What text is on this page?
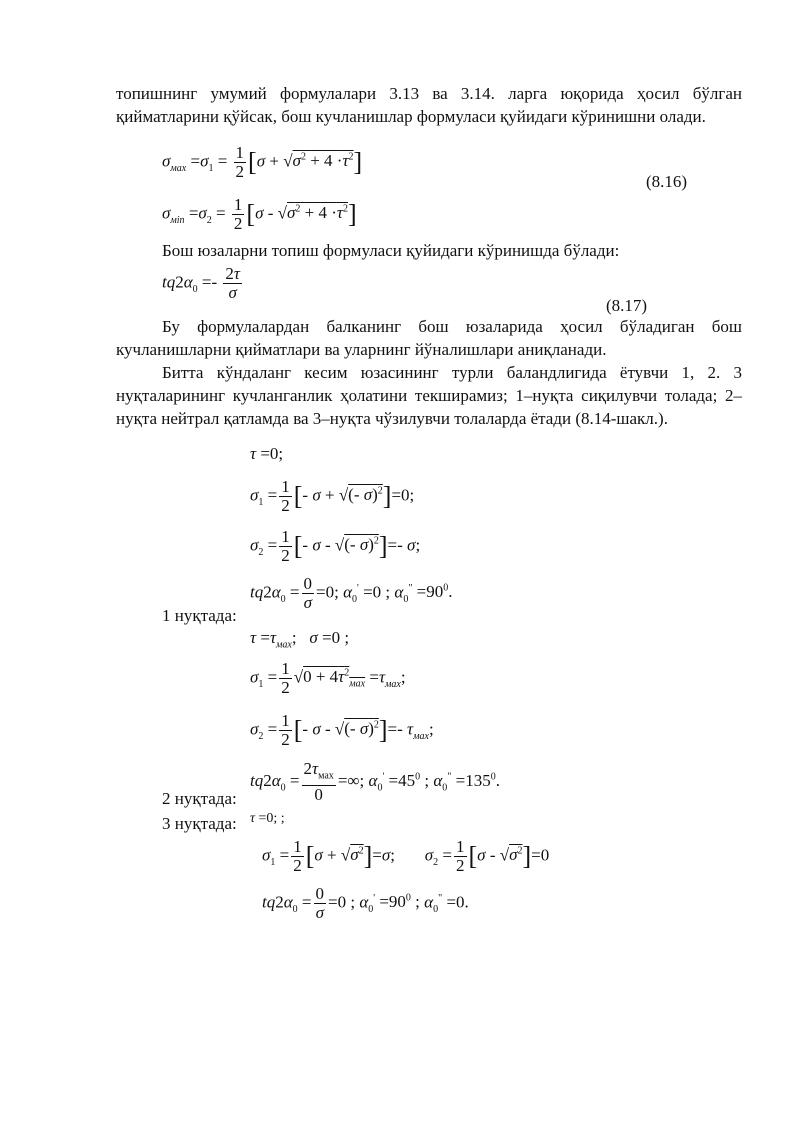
топишнинг умумий формулалари 3.13 ва 3.14. ларга юқорида ҳосил бўлган қийматларини қўйсак, бош кучланишлар формуласи қуйидаги кўринишни олади.

$\sigma_{мах} =\sigma_1 = \frac{1}{2} [\sigma + √\sigma^2 + 4 \cdot\tau^2]$
(8.16)
$\sigma_{міп} =\sigma_2 = \frac{1}{2} [\sigma - √\sigma^2 + 4 \cdot\tau^2]$
Бош юзаларни топиш формуласи қуйидаги кўринишда бўлади:
$tq2\alpha_0 =- \frac{2\tau}{\sigma}$
(8.17)

Бу формулалардан балканинг бош юзаларида ҳосил бўладиган бош кучланишларни қийматлари ва уларнинг йўналишлари аниқланади.

Битта кўндаланг кесим юзасининг турли баландлигида ётувчи 1, 2. 3 нуқталарининг кучланганлик ҳолатини текширамиз; 1–нуқта сиқилувчи толада; 2–нуқта нейтрал қатламда ва 3–нуқта чўзилувчи толаларда ётади (8.14-шакл.).

τ =0;
$\sigma_1 = \frac{1}{2}$ [- σ + √(- σ)$^2$]=0;
$\sigma_2 = \frac{1}{2}$ [- σ - √(- σ)$^2$]=- σ;
$tq2\alpha_0 = \frac{0}{\sigma} =0$; $\alpha_0' =0$ ; $\alpha_0^" =90^0$.
1 нуқтада:
$\tau =\tau_{мах}$;   σ =0 ;
$\sigma_1 = \frac{1}{2} √0 + 4\tau^2_{мах} =\tau_{мах}$;
$\sigma_2 = \frac{1}{2}$ [- σ - √(- σ)$^2$]=- $\tau_{мах}$;
$tq2\alpha_0 = \frac{2\tau_{мах}}{0}$ =∞; $\alpha_0' =45^0$ ; $\alpha_0^" =135^0$.
2 нуқтада:
3 нуқтада: τ =0; ;
$\sigma_1 = \frac{1}{2} [\sigma + √\sigma^2]=\sigma$;       $\sigma_2 = \frac{1}{2} [\sigma - √\sigma^2]=0$
$tq2\alpha_0 = \frac{0}{\sigma} =0$ ; $\alpha_0' =90^0$ ; $\alpha_0^" =0$.
